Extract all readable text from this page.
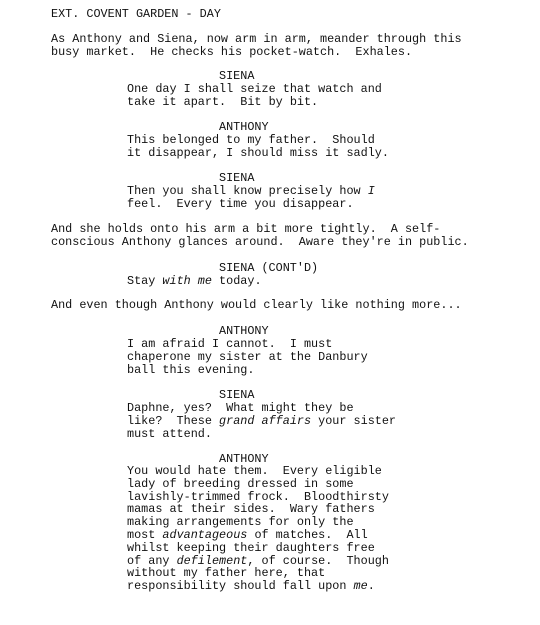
EXT. COVENT GARDEN - DAY
As Anthony and Siena, now arm in arm, meander through this
busy market.  He checks his pocket-watch.  Exhales.
SIENA
One day I shall seize that watch and
take it apart.  Bit by bit.
ANTHONY
This belonged to my father.  Should
it disappear, I should miss it sadly.
SIENA
Then you shall know precisely how I
feel.  Every time you disappear.
And she holds onto his arm a bit more tightly.  A self-
conscious Anthony glances around.  Aware they're in public.
SIENA (CONT'D)
Stay with me today.
And even though Anthony would clearly like nothing more...
ANTHONY
I am afraid I cannot.  I must
chaperone my sister at the Danbury
ball this evening.
SIENA
Daphne, yes?  What might they be
like?  These grand affairs your sister
must attend.
ANTHONY
You would hate them.  Every eligible
lady of breeding dressed in some
lavishly-trimmed frock.  Bloodthirsty
mamas at their sides.  Wary fathers
making arrangements for only the
most advantageous of matches.  All
whilst keeping their daughters free
of any defilement, of course.  Though
without my father here, that
responsibility should fall upon me.
